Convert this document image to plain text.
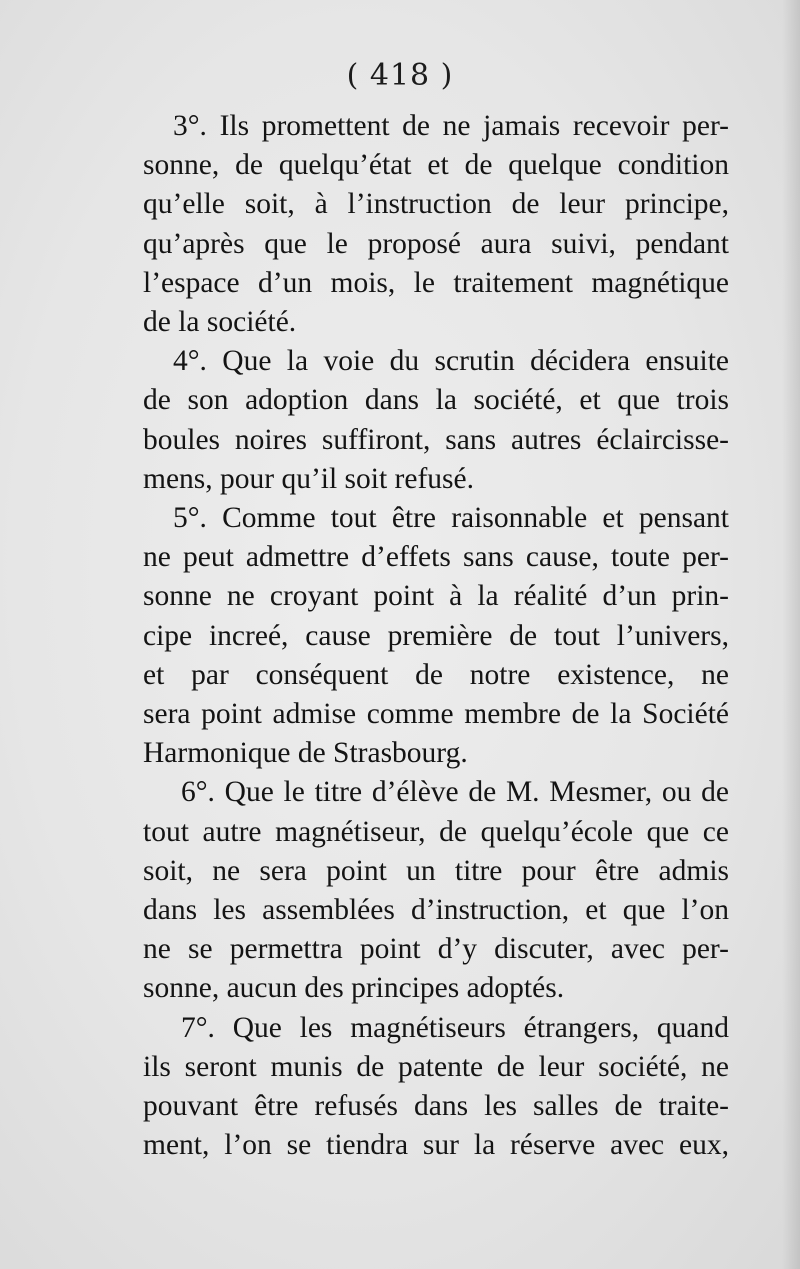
( 418 )
3°. Ils promettent de ne jamais recevoir per-
sonne, de quelqu’état et de quelque condition
qu’elle soit, à l’instruction de leur principe,
qu’après que le proposé aura suivi, pendant
l’espace d’un mois, le traitement magnétique
de la société.
4°. Que la voie du scrutin décidera ensuite
de son adoption dans la société, et que trois
boules noires suffiront, sans autres éclaircisse-
mens, pour qu’il soit refusé.
5°. Comme tout être raisonnable et pensant
ne peut admettre d’effets sans cause, toute per-
sonne ne croyant point à la réalité d’un prin-
cipe increé, cause première de tout l’univers,
et par conséquent de notre existence, ne
sera point admise comme membre de la Société
Harmonique de Strasbourg.
6°. Que le titre d’élève de M. Mesmer, ou de
tout autre magnétiseur, de quelqu’école que ce
soit, ne sera point un titre pour être admis
dans les assemblées d’instruction, et que l’on
ne se permettra point d’y discuter, avec per-
sonne, aucun des principes adoptés.
7°. Que les magnétiseurs étrangers, quand
ils seront munis de patente de leur société, ne
pouvant être refusés dans les salles de traite-
ment, l’on se tiendra sur la réserve avec eux,
